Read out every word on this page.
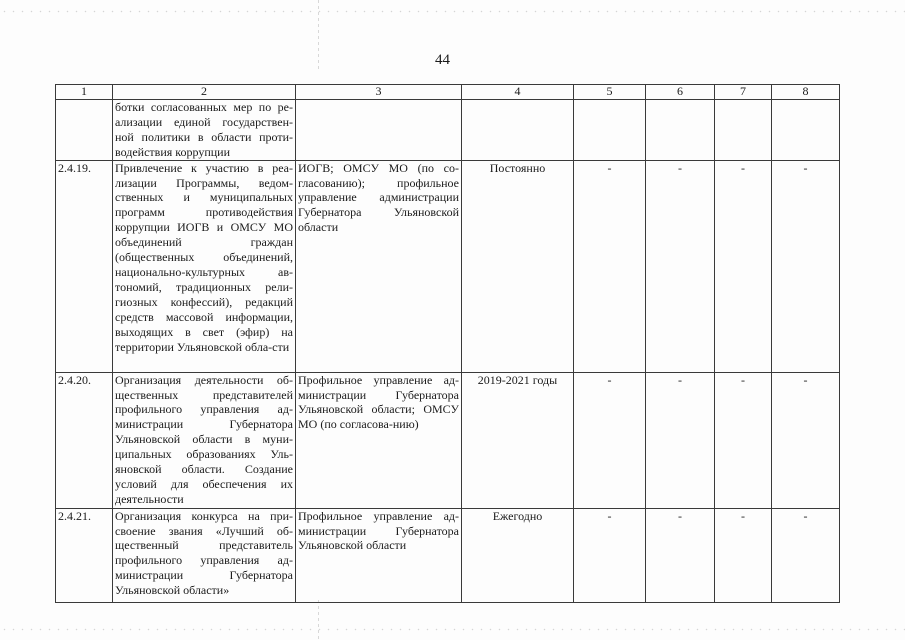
44
1	2	3	4	5	6	7	8
	ботки согласованных мер по ре-ализации единой государствен-ной политики в области проти-водействия коррупции						
2.4.19.	Привлечение к участию в реа-лизации Программы, ведом-ственных и муниципальных программ противодействия коррупции ИОГВ и ОМСУ МО объединений граждан (общественных объединений, национально-культурных ав-тономий, традиционных рели-гиозных конфессий), редакций средств массовой информации, выходящих в свет (эфир) на территории Ульяновской обла-сти	ИОГВ; ОМСУ МО (по со-гласованию); профильное управление администрации Губернатора Ульяновской области	Постоянно	-	-	-	-
2.4.20.	Организация деятельности об-щественных представителей профильного управления ад-министрации Губернатора Ульяновской области в муни-ципальных образованиях Уль-яновской области. Создание условий для обеспечения их деятельности	Профильное управление ад-министрации Губернатора Ульяновской области; ОМСУ МО (по согласова-нию)	2019-2021 годы	-	-	-	-
2.4.21.	Организация конкурса на при-своение звания «Лучший об-щественный представитель профильного управления ад-министрации Губернатора Ульяновской области»	Профильное управление ад-министрации Губернатора Ульяновской области	Ежегодно	-	-	-	-
